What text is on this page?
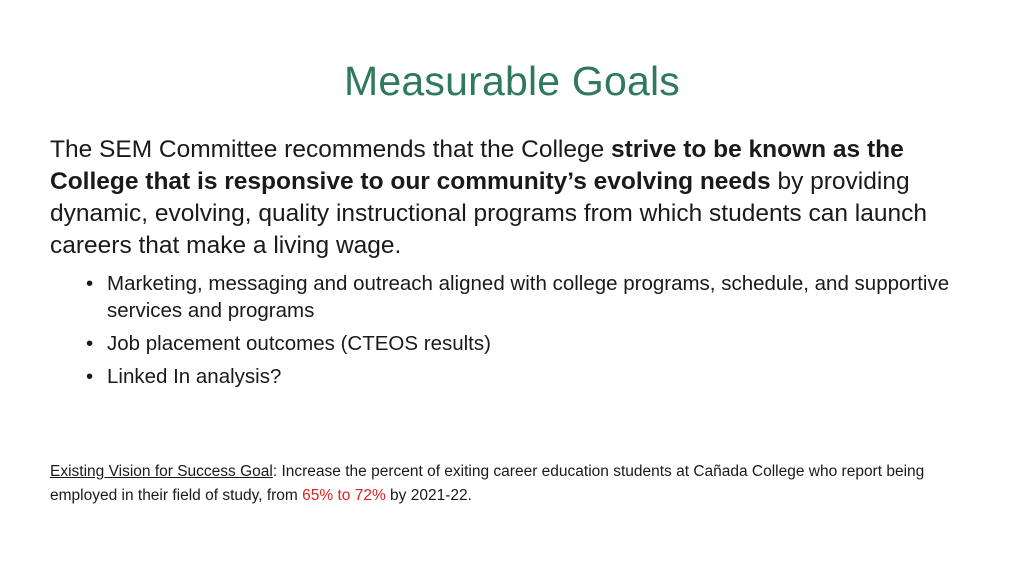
Measurable Goals

The SEM Committee recommends that the College strive to be known as the College that is responsive to our community’s evolving needs by providing dynamic, evolving, quality instructional programs from which students can launch careers that make a living wage.

• Marketing, messaging and outreach aligned with college programs, schedule, and supportive services and programs
• Job placement outcomes (CTEOS results)
• Linked In analysis?

Existing Vision for Success Goal: Increase the percent of exiting career education students at Cañada College who report being employed in their field of study, from 65% to 72% by 2021-22.
